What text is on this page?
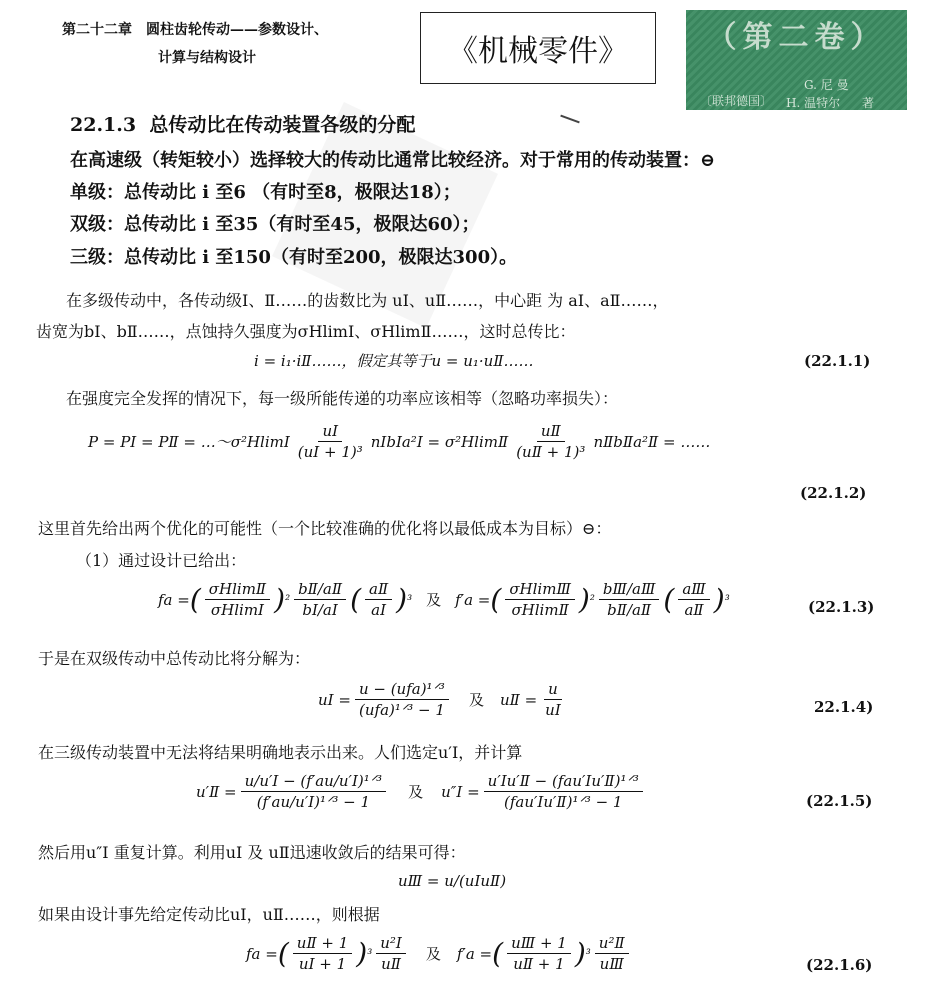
第二十二章　圆柱齿轮传动——参数设计、
计算与结构设计	《机械零件》	（第二卷）
〔联邦德国〕
G. 尼 曼
H. 温特尔 著
22.1.3 总传动比在传动装置各级的分配
在高速级（转矩较小）选择较大的传动比通常比较经济。对于常用的传动装置：⊖
单级：总传动比 i 至6 （有时至8，极限达18）；
双级：总传动比 i 至35（有时至45，极限达60）；
三级：总传动比 i 至150（有时至200，极限达300）。
在多级传动中，各传动级Ⅰ、Ⅱ……的齿数比为 uⅠ、uⅡ……，中心距 为 aⅠ、aⅡ……，
齿宽为bⅠ、bⅡ……，点蚀持久强度为σHlimⅠ、σHlimⅡ……，这时总传比：
i = i₁·iⅡ……，假定其等于u = u₁·uⅡ……	(22.1.1)
在强度完全发挥的情况下，每一级所能传递的功率应该相等（忽略功率损失）：
P = PⅠ = PⅡ = …～σ²HlimⅠ $\frac{\text{uⅠ}}{\text{(uⅠ + 1)³}}$ nⅠbⅠa²Ⅰ = σ²HlimⅡ $\frac{\text{uⅡ}}{\text{(uⅡ + 1)³}}$ nⅡbⅡa²Ⅱ = ……
(22.1.2)
这里首先给出两个优化的可能性（一个比较准确的优化将以最低成本为目标）⊖：
（1）通过设计已给出：
fa = ( $\frac{\text{σHlimⅡ}}{\text{σHlimⅠ}}$ ) $^2 \frac{\text{bⅡ/aⅡ}}{\text{bⅠ/aⅠ}}$ ( $\frac{\text{aⅡ}}{\text{aⅠ}}$ ) ³ 及 f′a = ( $\frac{\text{σHlimⅢ}}{\text{σHlimⅡ}}$ ) $^2 \frac{\text{bⅢ/aⅢ}}{\text{bⅡ/aⅡ}}$ ( $\frac{\text{aⅢ}}{\text{aⅡ}}$ ) ³	(22.1.3)
于是在双级传动中总传动比将分解为：
uⅠ = $\frac{\text{u − (ufa)¹ᐟ³}}{\text{(ufa)¹ᐟ³ − 1}}$ 及 uⅡ = $\frac{u}{\text{uⅠ}}$	22.1.4)
在三级传动装置中无法将结果明确地表示出来。人们选定u′Ⅰ，并计算
u′Ⅱ = $\frac{\text{u/u′Ⅰ − (f′au/u′Ⅰ)¹ᐟ³}}{\text{(f′au/u′Ⅰ)¹ᐟ³ − 1}}$ 及 u″Ⅰ = $\frac{\text{u′Ⅰu′Ⅱ − (fau′Ⅰu′Ⅱ)¹ᐟ³}}{\text{(fau′Ⅰu′Ⅱ)¹ᐟ³ − 1}}$	(22.1.5)
然后用u″Ⅰ 重复计算。利用uⅠ 及 uⅡ迅速收敛后的结果可得：
uⅢ = u/(uⅠuⅡ)
如果由设计事先给定传动比uⅠ，uⅡ……，则根据
fa = ( $\frac{\text{uⅡ + 1}}{\text{uⅠ + 1}}$ ) $^3 \frac{\text{u²Ⅰ}}{\text{uⅡ}}$ 及 f′a = ( $\frac{\text{uⅢ + 1}}{\text{uⅡ + 1}}$ ) $^3 \frac{\text{u²Ⅱ}}{\text{uⅢ}}$	(22.1.6)
